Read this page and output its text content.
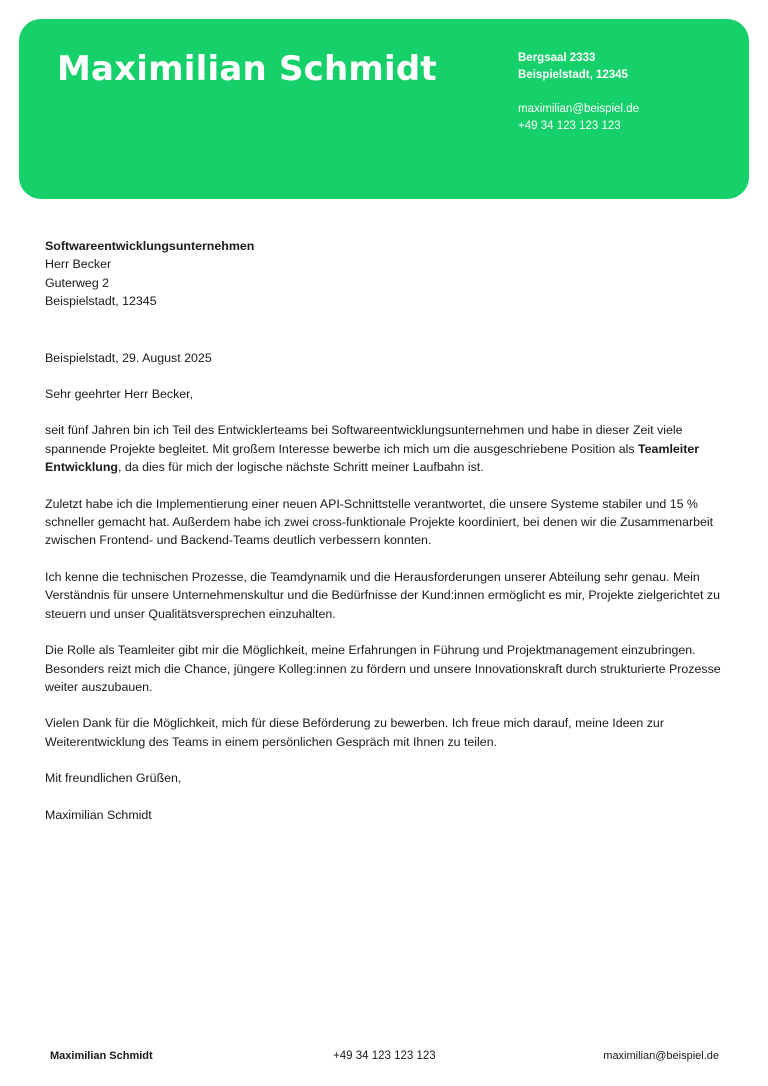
Maximilian Schmidt	Bergsaal 2333
Beispielstadt, 12345
maximilian@beispiel.de
+49 34 123 123 123
Softwareentwicklungsunternehmen
Herr Becker
Guterweg 2
Beispielstadt, 12345
Beispielstadt, 29. August 2025
Sehr geehrter Herr Becker,

seit fünf Jahren bin ich Teil des Entwicklerteams bei Softwareentwicklungsunternehmen und habe in dieser Zeit viele spannende Projekte begleitet. Mit großem Interesse bewerbe ich mich um die ausgeschriebene Position als Teamleiter Entwicklung, da dies für mich der logische nächste Schritt meiner Laufbahn ist.

Zuletzt habe ich die Implementierung einer neuen API-Schnittstelle verantwortet, die unsere Systeme stabiler und 15 % schneller gemacht hat. Außerdem habe ich zwei cross-funktionale Projekte koordiniert, bei denen wir die Zusammenarbeit zwischen Frontend- und Backend-Teams deutlich verbessern konnten.

Ich kenne die technischen Prozesse, die Teamdynamik und die Herausforderungen unserer Abteilung sehr genau. Mein Verständnis für unsere Unternehmenskultur und die Bedürfnisse der Kund:innen ermöglicht es mir, Projekte zielgerichtet zu steuern und unser Qualitätsversprechen einzuhalten.

Die Rolle als Teamleiter gibt mir die Möglichkeit, meine Erfahrungen in Führung und Projektmanagement einzubringen. Besonders reizt mich die Chance, jüngere Kolleg:innen zu fördern und unsere Innovationskraft durch strukturierte Prozesse weiter auszubauen.

Vielen Dank für die Möglichkeit, mich für diese Beförderung zu bewerben. Ich freue mich darauf, meine Ideen zur Weiterentwicklung des Teams in einem persönlichen Gespräch mit Ihnen zu teilen.

Mit freundlichen Grüßen,
Maximilian Schmidt
Maximilian Schmidt	+49 34 123 123 123	maximilian@beispiel.de
